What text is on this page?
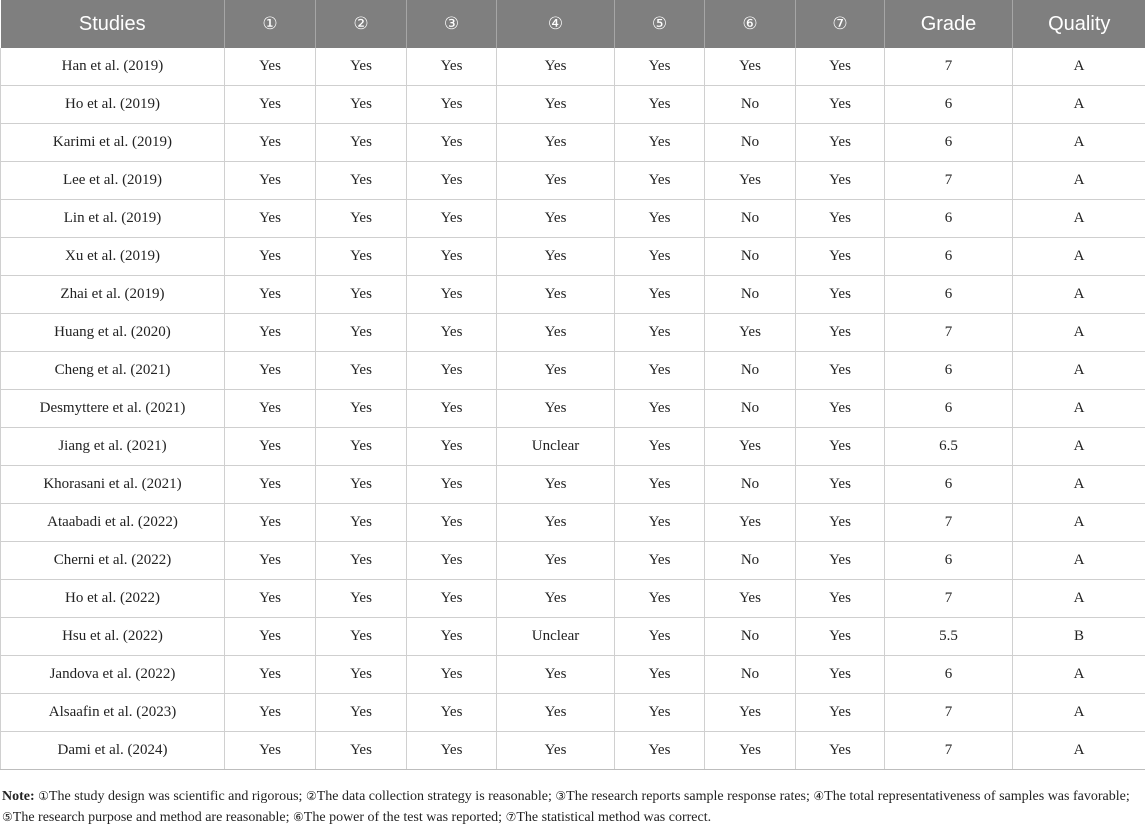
Studies	①	②	③	④	⑤	⑥	⑦	Grade	Quality
Han et al. (2019)	Yes	Yes	Yes	Yes	Yes	Yes	Yes	7	A
Ho et al. (2019)	Yes	Yes	Yes	Yes	Yes	No	Yes	6	A
Karimi et al. (2019)	Yes	Yes	Yes	Yes	Yes	No	Yes	6	A
Lee et al. (2019)	Yes	Yes	Yes	Yes	Yes	Yes	Yes	7	A
Lin et al. (2019)	Yes	Yes	Yes	Yes	Yes	No	Yes	6	A
Xu et al. (2019)	Yes	Yes	Yes	Yes	Yes	No	Yes	6	A
Zhai et al. (2019)	Yes	Yes	Yes	Yes	Yes	No	Yes	6	A
Huang et al. (2020)	Yes	Yes	Yes	Yes	Yes	Yes	Yes	7	A
Cheng et al. (2021)	Yes	Yes	Yes	Yes	Yes	No	Yes	6	A
Desmyttere et al. (2021)	Yes	Yes	Yes	Yes	Yes	No	Yes	6	A
Jiang et al. (2021)	Yes	Yes	Yes	Unclear	Yes	Yes	Yes	6.5	A
Khorasani et al. (2021)	Yes	Yes	Yes	Yes	Yes	No	Yes	6	A
Ataabadi et al. (2022)	Yes	Yes	Yes	Yes	Yes	Yes	Yes	7	A
Cherni et al. (2022)	Yes	Yes	Yes	Yes	Yes	No	Yes	6	A
Ho et al. (2022)	Yes	Yes	Yes	Yes	Yes	Yes	Yes	7	A
Hsu et al. (2022)	Yes	Yes	Yes	Unclear	Yes	No	Yes	5.5	B
Jandova et al. (2022)	Yes	Yes	Yes	Yes	Yes	No	Yes	6	A
Alsaafin et al. (2023)	Yes	Yes	Yes	Yes	Yes	Yes	Yes	7	A
Dami et al. (2024)	Yes	Yes	Yes	Yes	Yes	Yes	Yes	7	A
Note: ①The study design was scientific and rigorous; ②The data collection strategy is reasonable; ③The research reports sample response rates; ④The total representativeness of samples was favorable; ⑤The research purpose and method are reasonable; ⑥The power of the test was reported; ⑦The statistical method was correct.
